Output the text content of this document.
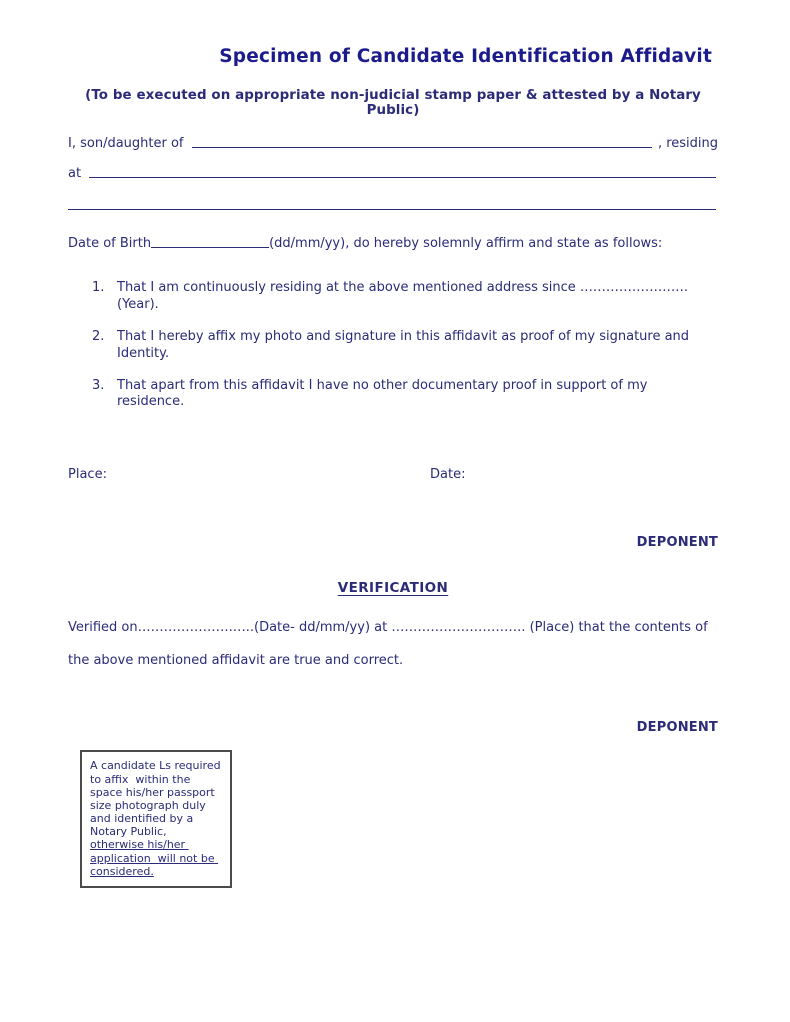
Specimen of Candidate Identification Affidavit

(To be executed on appropriate non-judicial stamp paper & attested by a Notary Public)

I, son/daughter of	, residing
at

Date of Birth	(dd/mm/yy), do hereby solemnly affirm and state as follows:

1. That I am continuously residing at the above mentioned address since ……………………. (Year).
2. That I hereby affix my photo and signature in this affidavit as proof of my signature and Identity.
3. That apart from this affidavit I have no other documentary proof in support of my residence.
Place:	Date:
DEPONENT
VERIFICATION

Verified on………………….…..(Date- dd/mm/yy) at …………………………. (Place) that the contents of

the above mentioned affidavit are true and correct.

DEPONENT
A candidate Ls required to affix  within the space his/her passport size photograph duly and identified by a Notary Public, otherwise his/her application  will not be considered.
